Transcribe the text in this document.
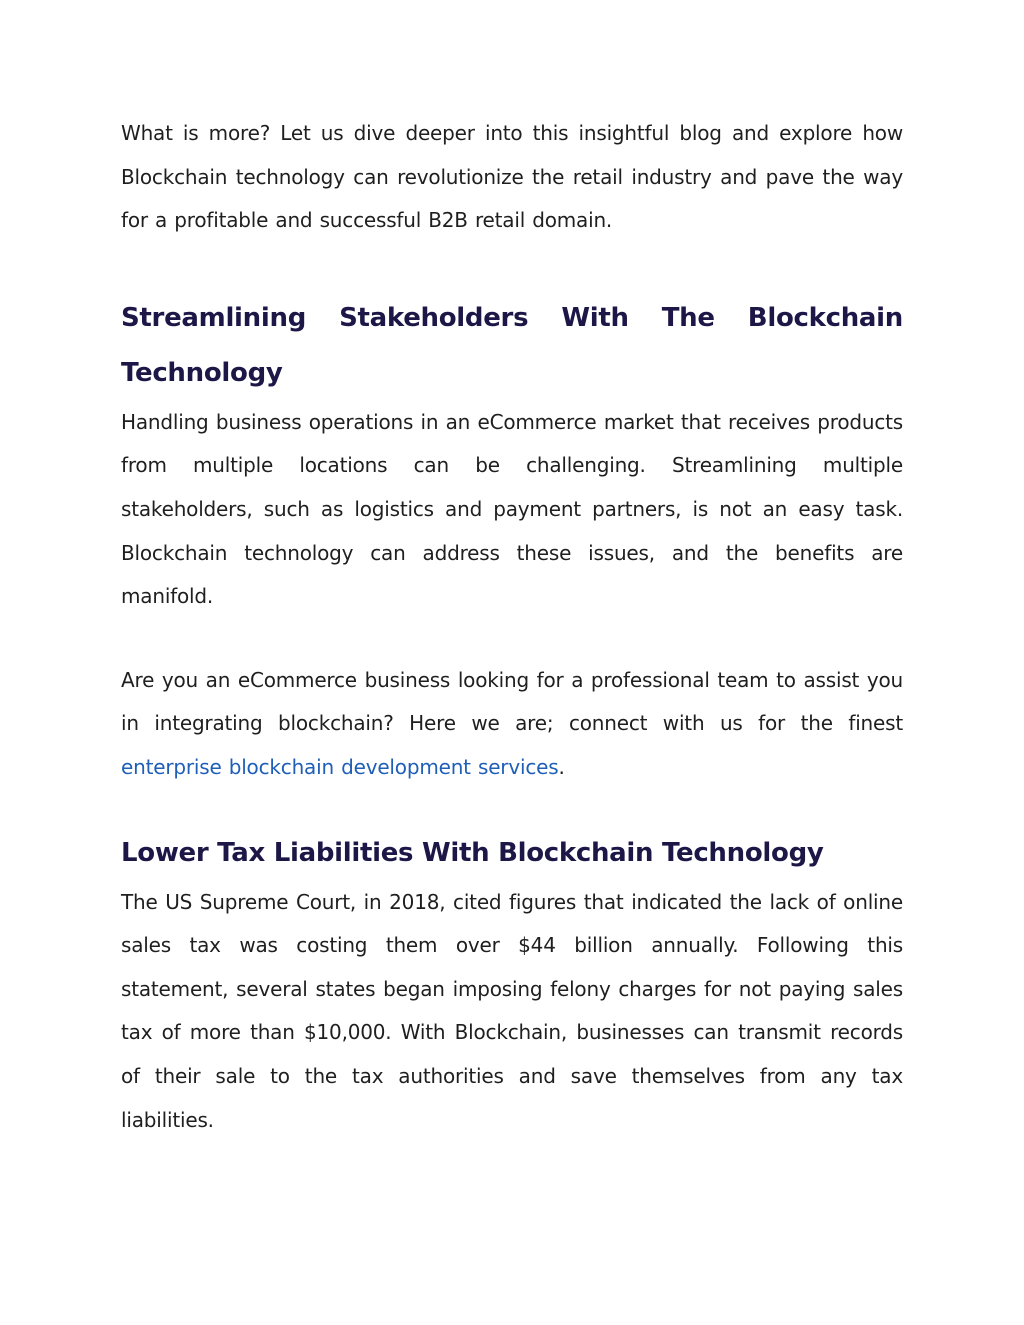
What is more? Let us dive deeper into this insightful blog and explore how Blockchain technology can revolutionize the retail industry and pave the way for a profitable and successful B2B retail domain.

Streamlining Stakeholders With The Blockchain Technology

Handling business operations in an eCommerce market that receives products from multiple locations can be challenging. Streamlining multiple stakeholders, such as logistics and payment partners, is not an easy task. Blockchain technology can address these issues, and the benefits are manifold.

Are you an eCommerce business looking for a professional team to assist you in integrating blockchain? Here we are; connect with us for the finest enterprise blockchain development services.

Lower Tax Liabilities With Blockchain Technology

The US Supreme Court, in 2018, cited figures that indicated the lack of online sales tax was costing them over $44 billion annually. Following this statement, several states began imposing felony charges for not paying sales tax of more than $10,000. With Blockchain, businesses can transmit records of their sale to the tax authorities and save themselves from any tax liabilities.
